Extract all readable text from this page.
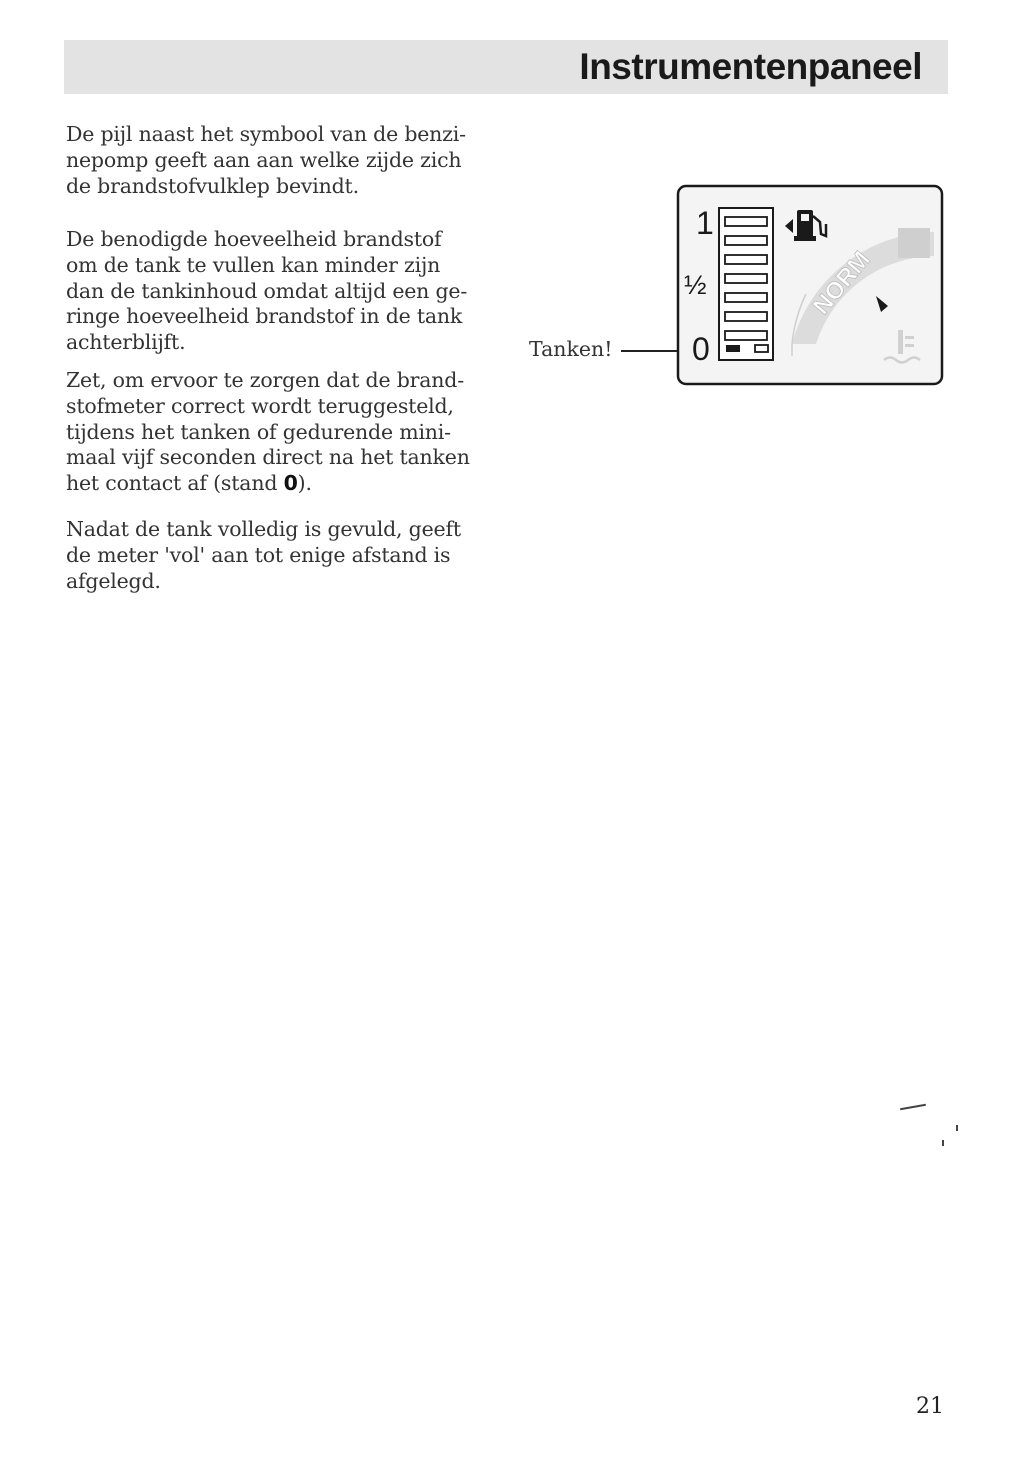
Instrumentenpaneel
De pijl naast het symbool van de benzi-
nepomp geeft aan aan welke zijde zich
de brandstofvulklep bevindt.
De benodigde hoeveelheid brandstof
om de tank te vullen kan minder zijn
dan de tankinhoud omdat altijd een ge-
ringe hoeveelheid brandstof in de tank
achterblijft.
Zet, om ervoor te zorgen dat de brand-
stofmeter correct wordt teruggesteld,
tijdens het tanken of gedurende mini-
maal vijf seconden direct na het tanken
het contact af (stand 0).
Nadat de tank volledig is gevuld, geeft
de meter 'vol' aan tot enige afstand is
afgelegd.
Tanken!
1
½
0
NORM
21
